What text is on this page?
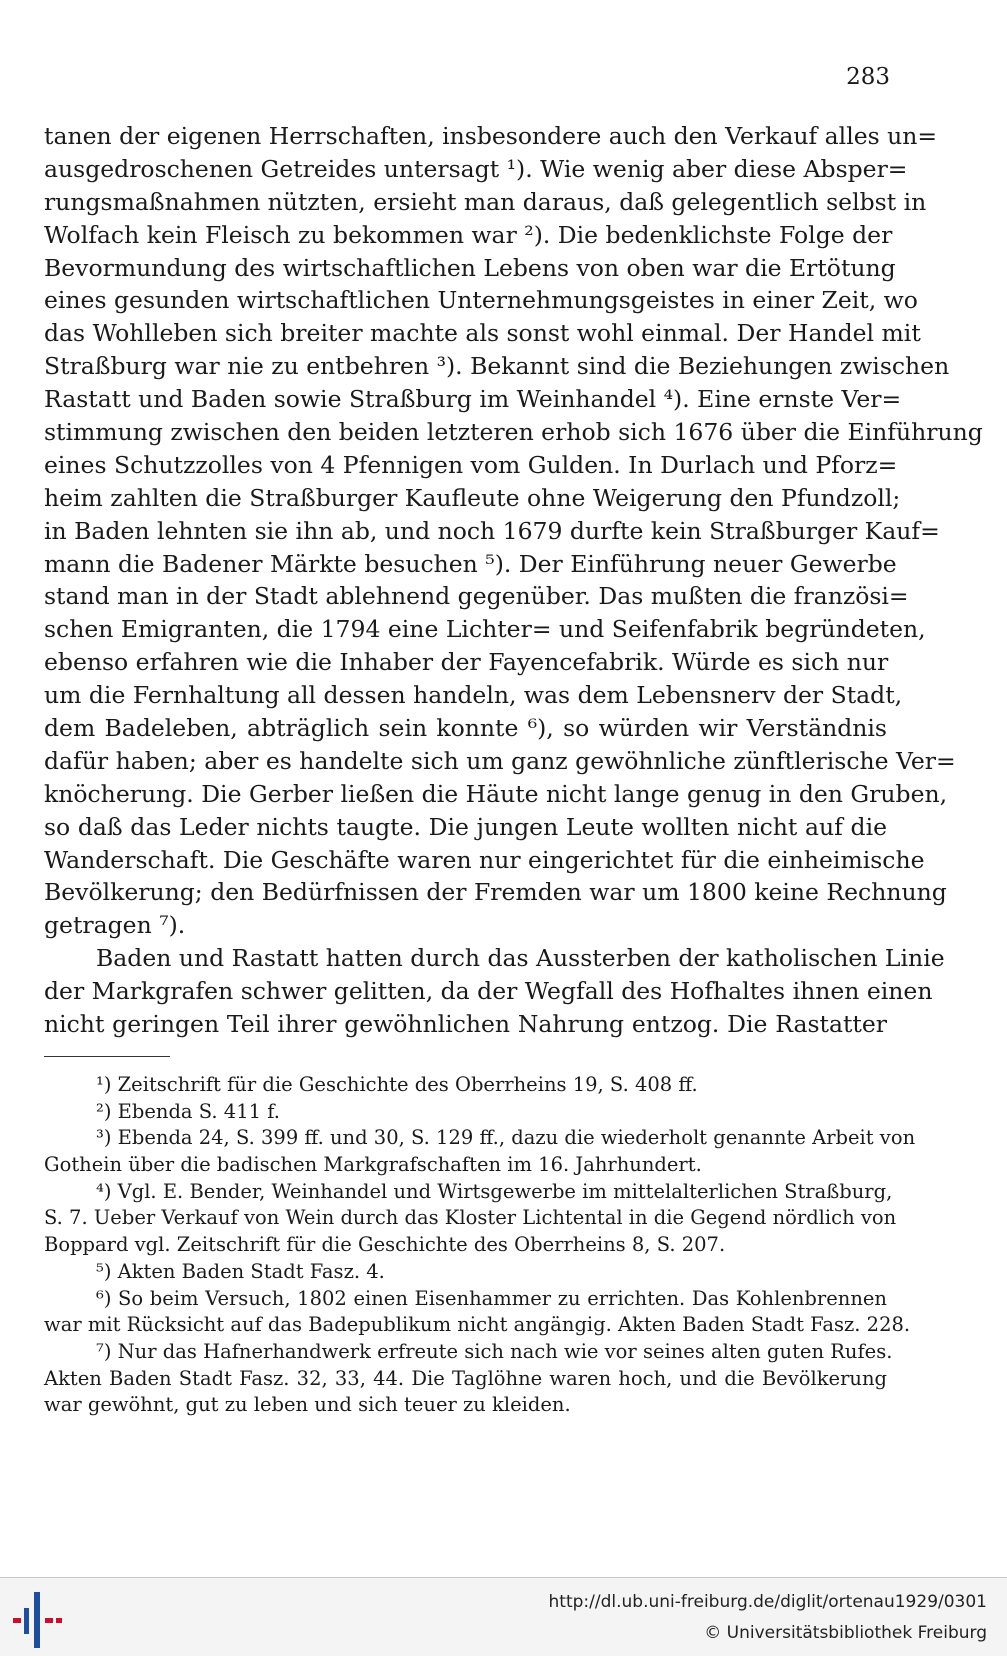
283
tanen der eigenen Herrschaften, insbesondere auch den Verkauf alles un=
ausgedroschenen Getreides untersagt ¹). Wie wenig aber diese Absper=
rungsmaßnahmen nützten, ersieht man daraus, daß gelegentlich selbst in
Wolfach kein Fleisch zu bekommen war ²). Die bedenklichste Folge der
Bevormundung des wirtschaftlichen Lebens von oben war die Ertötung
eines gesunden wirtschaftlichen Unternehmungsgeistes in einer Zeit, wo
das Wohlleben sich breiter machte als sonst wohl einmal. Der Handel mit
Straßburg war nie zu entbehren ³). Bekannt sind die Beziehungen zwischen
Rastatt und Baden sowie Straßburg im Weinhandel ⁴). Eine ernste Ver=
stimmung zwischen den beiden letzteren erhob sich 1676 über die Einführung
eines Schutzzolles von 4 Pfennigen vom Gulden. In Durlach und Pforz=
heim zahlten die Straßburger Kaufleute ohne Weigerung den Pfundzoll;
in Baden lehnten sie ihn ab, und noch 1679 durfte kein Straßburger Kauf=
mann die Badener Märkte besuchen ⁵). Der Einführung neuer Gewerbe
stand man in der Stadt ablehnend gegenüber. Das mußten die französi=
schen Emigranten, die 1794 eine Lichter= und Seifenfabrik begründeten,
ebenso erfahren wie die Inhaber der Fayencefabrik. Würde es sich nur
um die Fernhaltung all dessen handeln, was dem Lebensnerv der Stadt,
dem Badeleben, abträglich sein konnte ⁶), so würden wir Verständnis
dafür haben; aber es handelte sich um ganz gewöhnliche zünftlerische Ver=
knöcherung. Die Gerber ließen die Häute nicht lange genug in den Gruben,
so daß das Leder nichts taugte. Die jungen Leute wollten nicht auf die
Wanderschaft. Die Geschäfte waren nur eingerichtet für die einheimische
Bevölkerung; den Bedürfnissen der Fremden war um 1800 keine Rechnung
getragen ⁷).
Baden und Rastatt hatten durch das Aussterben der katholischen Linie
der Markgrafen schwer gelitten, da der Wegfall des Hofhaltes ihnen einen
nicht geringen Teil ihrer gewöhnlichen Nahrung entzog. Die Rastatter
¹) Zeitschrift für die Geschichte des Oberrheins 19, S. 408 ff.
²) Ebenda S. 411 f.
³) Ebenda 24, S. 399 ff. und 30, S. 129 ff., dazu die wiederholt genannte Arbeit von
Gothein über die badischen Markgrafschaften im 16. Jahrhundert.
⁴) Vgl. E. Bender, Weinhandel und Wirtsgewerbe im mittelalterlichen Straßburg,
S. 7. Ueber Verkauf von Wein durch das Kloster Lichtental in die Gegend nördlich von
Boppard vgl. Zeitschrift für die Geschichte des Oberrheins 8, S. 207.
⁵) Akten Baden Stadt Fasz. 4.
⁶) So beim Versuch, 1802 einen Eisenhammer zu errichten. Das Kohlenbrennen
war mit Rücksicht auf das Badepublikum nicht angängig. Akten Baden Stadt Fasz. 228.
⁷) Nur das Hafnerhandwerk erfreute sich nach wie vor seines alten guten Rufes.
Akten Baden Stadt Fasz. 32, 33, 44. Die Taglöhne waren hoch, und die Bevölkerung
war gewöhnt, gut zu leben und sich teuer zu kleiden.
http://dl.ub.uni-freiburg.de/diglit/ortenau1929/0301
© Universitätsbibliothek Freiburg
